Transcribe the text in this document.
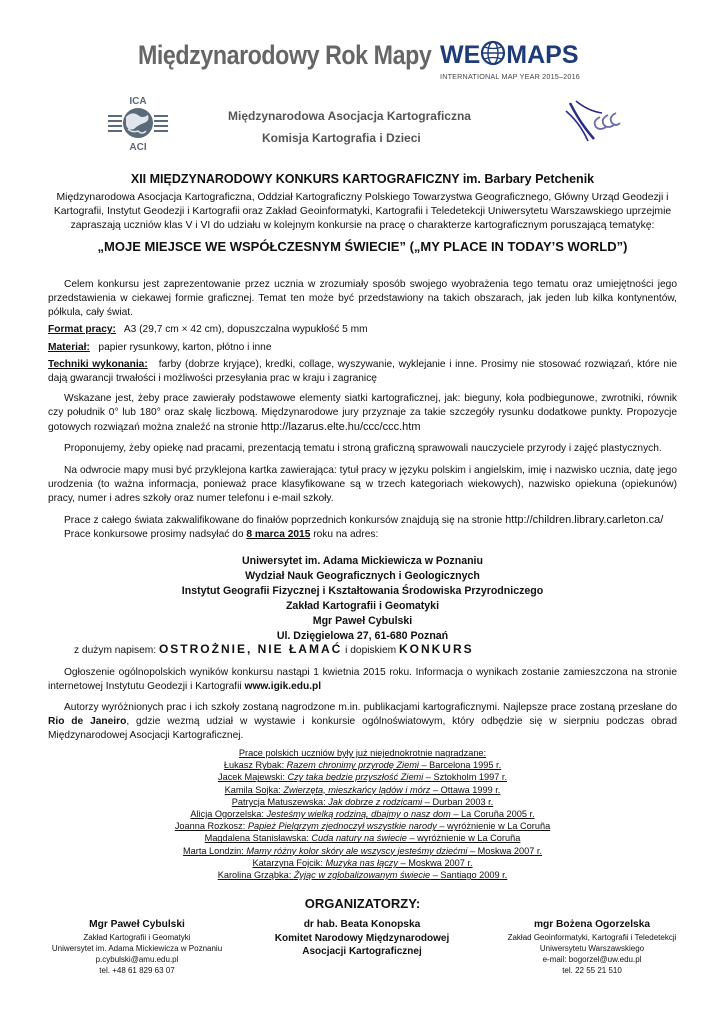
Międzynarodowy Rok Mapy WE MAPS
INTERNATIONAL MAP YEAR 2015–2016
ICA
ACI
Międzynarodowa Asocjacja Kartograficzna
Komisja Kartografia i Dzieci
XII MIĘDZYNARODOWY KONKURS KARTOGRAFICZNY im. Barbary Petchenik
Międzynarodowa Asocjacja Kartograficzna, Oddział Kartograficzny Polskiego Towarzystwa Geograficznego, Główny Urząd Geodezji i Kartografii, Instytut Geodezji i Kartografii oraz Zakład Geoinformatyki, Kartografii i Teledetekcji Uniwersytetu Warszawskiego uprzejmie zapraszają uczniów klas V i VI do udziału w kolejnym konkursie na pracę o charakterze kartograficznym poruszającą tematykę:
„MOJE MIEJSCE WE WSPÓŁCZESNYM ŚWIECIE” („MY PLACE IN TODAY’S WORLD”)
Celem konkursu jest zaprezentowanie przez ucznia w zrozumiały sposób swojego wyobrażenia tego tematu oraz umiejętności jego przedstawienia w ciekawej formie graficznej. Temat ten może być przedstawiony na takich obszarach, jak jeden lub kilka kontynentów, półkula, cały świat.
Format pracy: A3 (29,7 cm × 42 cm), dopuszczalna wypukłość 5 mm
Materiał: papier rysunkowy, karton, płótno i inne
Techniki wykonania: farby (dobrze kryjące), kredki, collage, wyszywanie, wyklejanie i inne. Prosimy nie stosować rozwiązań, które nie dają gwarancji trwałości i możliwości przesyłania prac w kraju i zagranicę
Wskazane jest, żeby prace zawierały podstawowe elementy siatki kartograficznej, jak: bieguny, koła podbiegunowe, zwrotniki, równik czy południk 0° lub 180° oraz skalę liczbową. Międzynarodowe jury przyznaje za takie szczegóły rysunku dodatkowe punkty. Propozycje gotowych rozwiązań można znaleźć na stronie http://lazarus.elte.hu/ccc/ccc.htm
Proponujemy, żeby opiekę nad pracami, prezentacją tematu i stroną graficzną sprawowali nauczyciele przyrody i zajęć plastycznych.
Na odwrocie mapy musi być przyklejona kartka zawierająca: tytuł pracy w języku polskim i angielskim, imię i nazwisko ucznia, datę jego urodzenia (to ważna informacja, ponieważ prace klasyfikowane są w trzech kategoriach wiekowych), nazwisko opiekuna (opiekunów) pracy, numer i adres szkoły oraz numer telefonu i e-mail szkoły.
Prace z całego świata zakwalifikowane do finałów poprzednich konkursów znajdują się na stronie http://children.library.carleton.ca/
Prace konkursowe prosimy nadsyłać do 8 marca 2015 roku na adres:
Uniwersytet im. Adama Mickiewicza w Poznaniu
Wydział Nauk Geograficznych i Geologicznych
Instytut Geografii Fizycznej i Kształtowania Środowiska Przyrodniczego
Zakład Kartografii i Geomatyki
Mgr Paweł Cybulski
Ul. Dzięgielowa 27, 61-680 Poznań
z dużym napisem: OSTROŻNIE, NIE ŁAMAĆ i dopiskiem KONKURS
Ogłoszenie ogólnopolskich wyników konkursu nastąpi 1 kwietnia 2015 roku. Informacja o wynikach zostanie zamieszczona na stronie internetowej Instytutu Geodezji i Kartografii www.igik.edu.pl
Autorzy wyróżnionych prac i ich szkoły zostaną nagrodzone m.in. publikacjami kartograficznymi. Najlepsze prace zostaną przesłane do Rio de Janeiro, gdzie wezmą udział w wystawie i konkursie ogólnoświatowym, który odbędzie się w sierpniu podczas obrad Międzynarodowej Asocjacji Kartograficznej.
Prace polskich uczniów były już niejednokrotnie nagradzane:
Łukasz Rybak: Razem chronimy przyrodę Ziemi – Barcelona 1995 r.
Jacek Majewski: Czy taka będzie przyszłość Ziemi – Sztokholm 1997 r.
Kamila Sojka: Zwierzęta, mieszkańcy lądów i mórz – Ottawa 1999 r.
Patrycja Matuszewska: Jak dobrze z rodzicami – Durban 2003 r.
Alicja Ogorzelska: Jesteśmy wielką rodziną, dbajmy o nasz dom – La Coruña 2005 r.
Joanna Rozkosz: Papież Pielgrzym zjednoczył wszystkie narody – wyróżnienie w La Coruña
Magdalena Stanisławska: Cuda natury na świecie – wyróżnienie w La Coruña
Marta Londzin: Mamy różny kolor skóry ale wszyscy jesteśmy dziećmi – Moskwa 2007 r.
Katarzyna Fojcik: Muzyka nas łączy – Moskwa 2007 r.
Karolina Grząbka: Żyjąc w zglobalizowanym świecie – Santiago 2009 r.
ORGANIZATORZY:
Mgr Paweł Cybulski
Zakład Kartografii i Geomatyki
Uniwersytet im. Adama Mickiewicza w Poznaniu
p.cybulski@amu.edu.pl
tel. +48 61 829 63 07
dr hab. Beata Konopska
Komitet Narodowy Międzynarodowej
Asocjacji Kartograficznej
mgr Bożena Ogorzelska
Zakład Geoinformatyki, Kartografii i Teledetekcji
Uniwersytetu Warszawskiego
e-mail: bogorzel@uw.edu.pl
tel. 22 55 21 510
